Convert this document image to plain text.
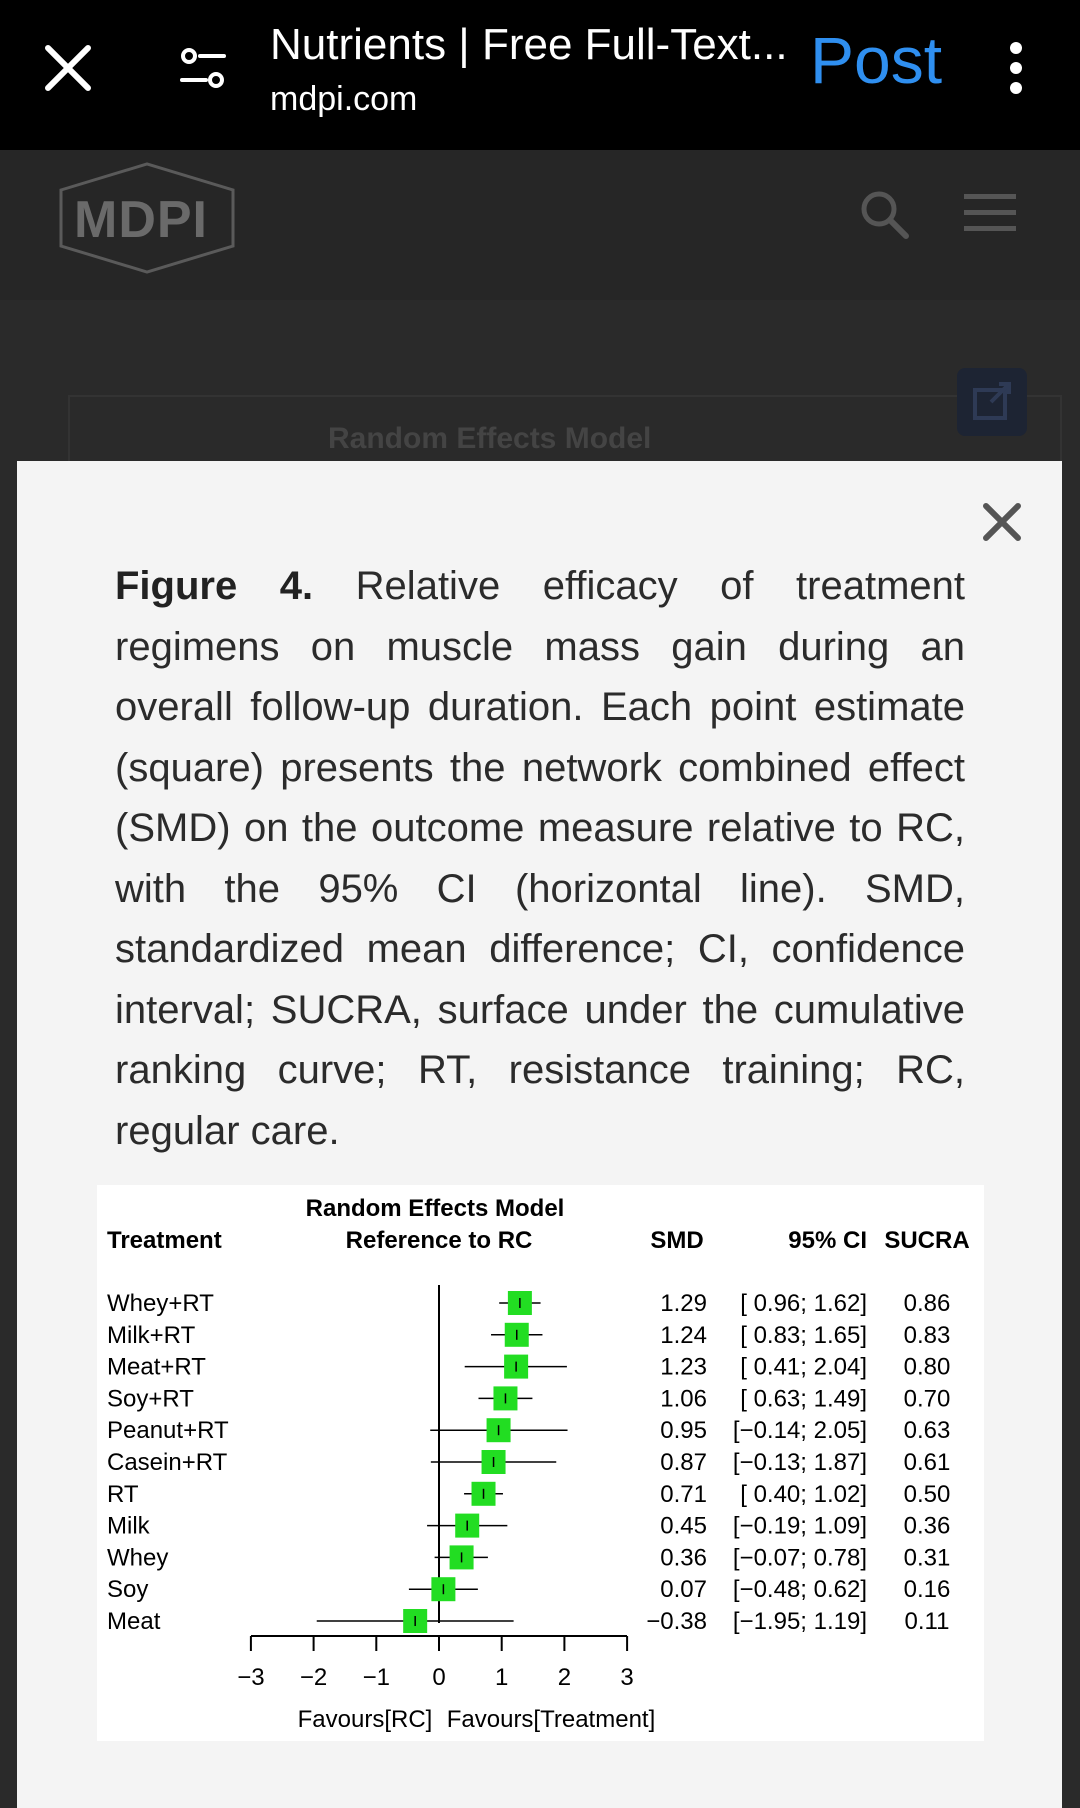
Nutrients | Free Full-Text...
mdpi.com
Post
MDPI
Random Effects Model
Figure 4. Relative efficacy of treatment regimens on muscle mass gain during an overall follow-up duration. Each point estimate (square) presents the network combined effect (SMD) on the outcome measure relative to RC, with the 95% CI (horizontal line). SMD, standardized mean difference; CI, confidence interval; SUCRA, surface under the cumulative ranking curve; RT, resistance training; RC, regular care.
Random Effects Model
Reference to RC
Treatment	SMD	95% CI SUCRA
Favours[RC] Favours[Treatment]
Whey+RT	1.29 [ 0.96; 1.62] 0.86
Milk+RT	1.24 [ 0.83; 1.65] 0.83
Meat+RT	1.23 [ 0.41; 2.04] 0.80
Soy+RT	1.06 [ 0.63; 1.49] 0.70
Peanut+RT	0.95 [−0.14; 2.05] 0.63
Casein+RT	0.87 [−0.13; 1.87] 0.61
RT	0.71 [ 0.40; 1.02] 0.50
Milk	0.45 [−0.19; 1.09] 0.36
Whey	0.36 [−0.07; 0.78] 0.31
Soy	0.07 [−0.48; 0.62] 0.16
Meat	−0.38 [−1.95; 1.19] 0.11
−3 −2 −1 0 1 2 3
